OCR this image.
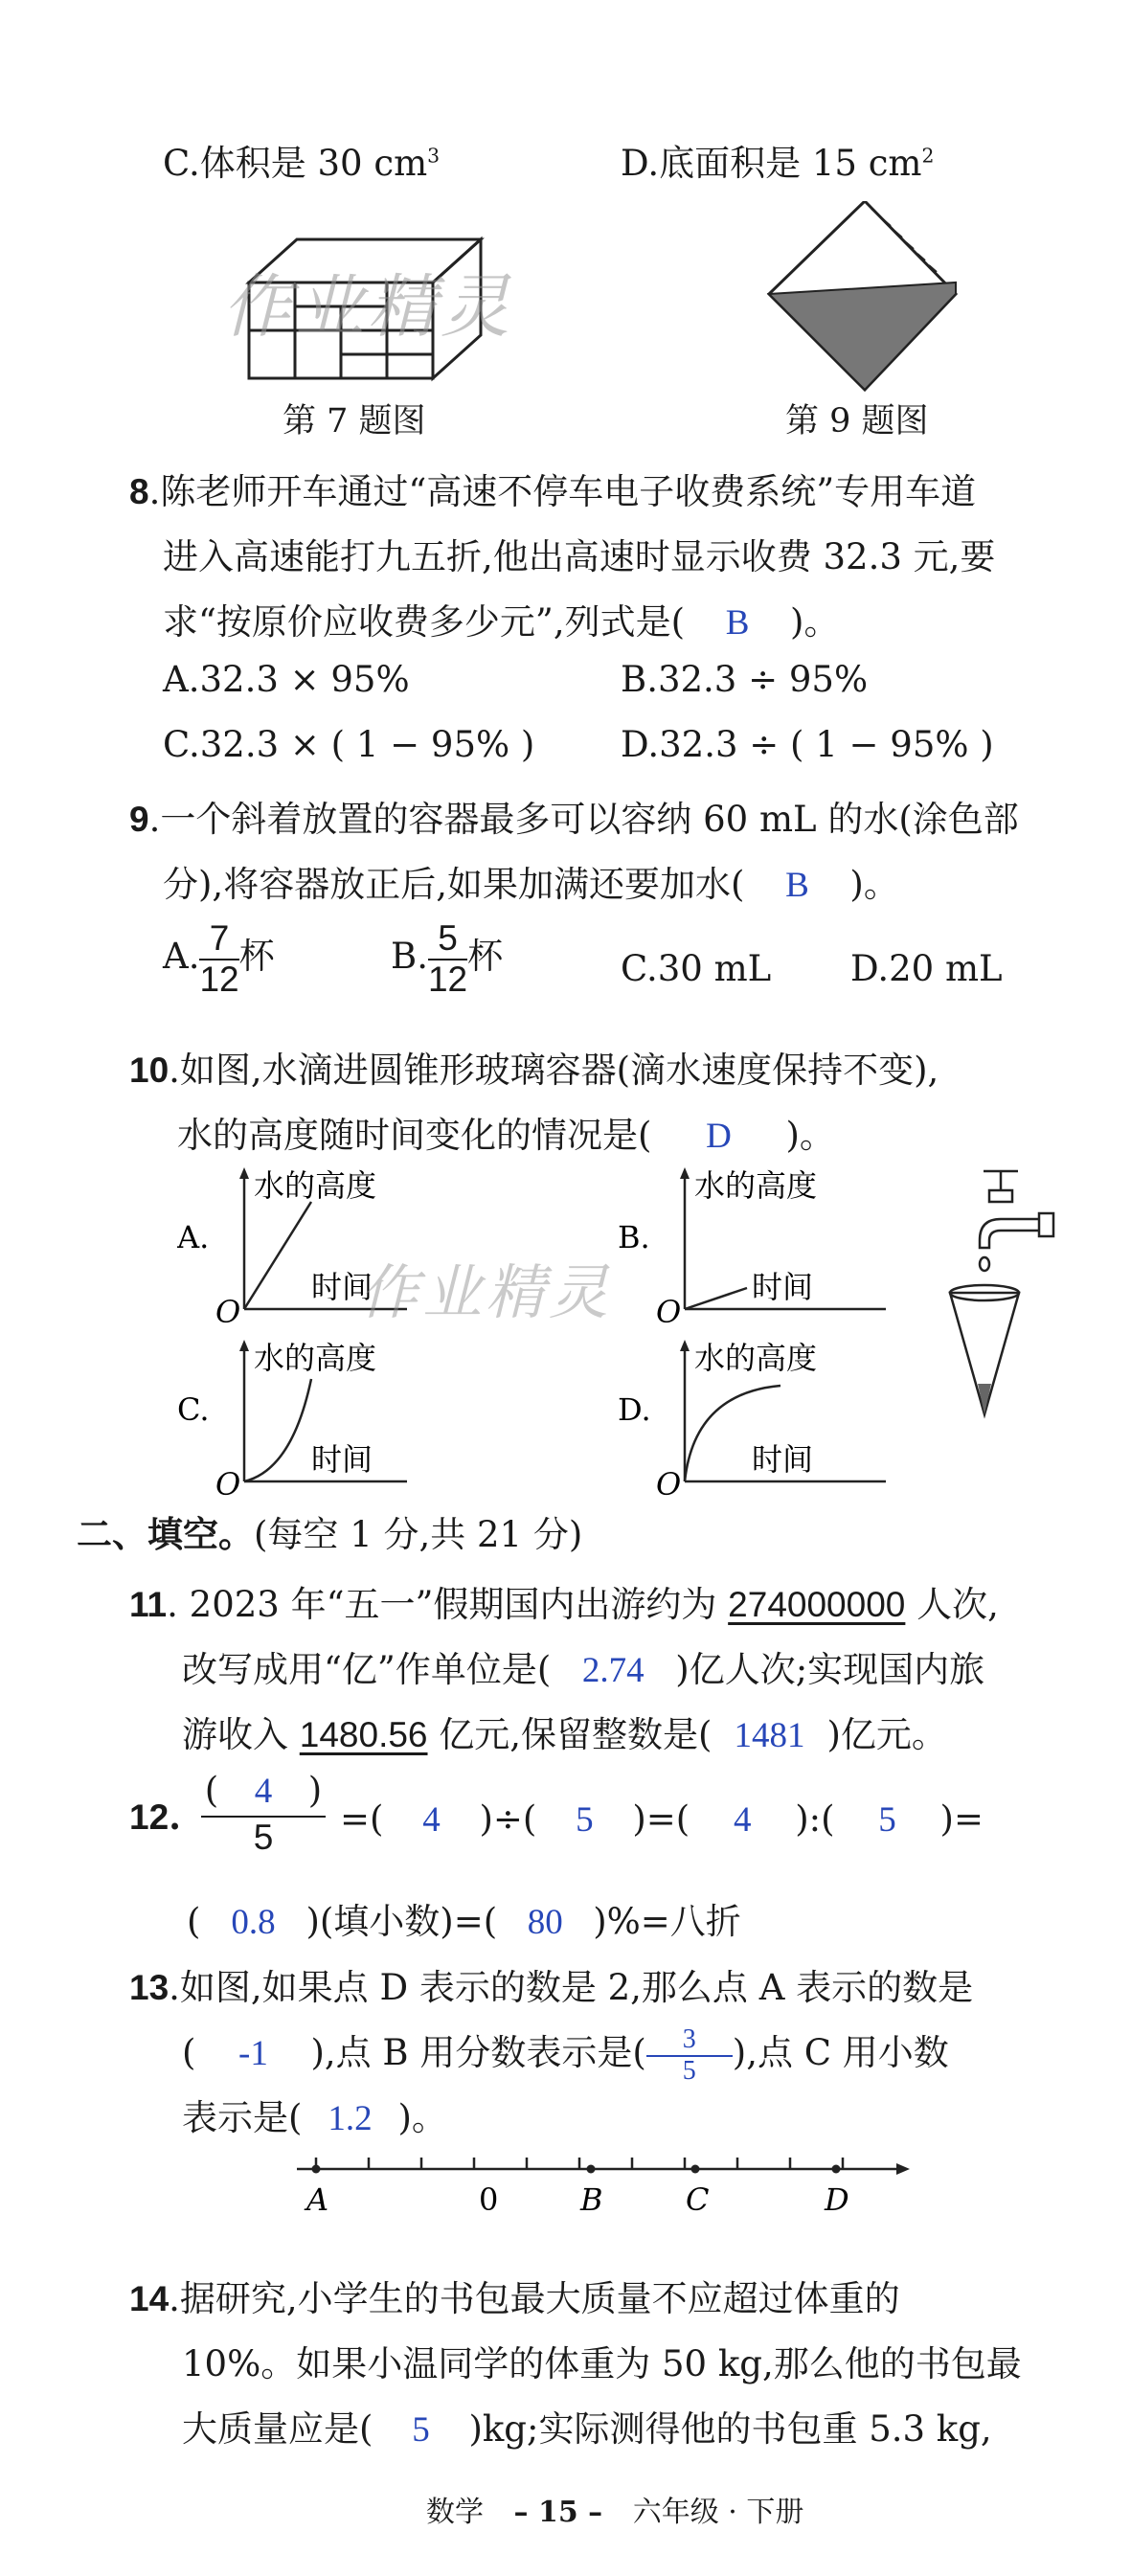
C.体积是 30 $cm^3$	D.底面积是 15 $cm^2$
作业精灵
第 7 题图	第 9 题图
8.陈老师开车通过“高速不停车电子收费系统”专用车道
进入高速能打九五折,他出高速时显示收费 32.3 元,要
求“按原价应收费多少元”,列式是( B )。
A.32.3 × 95%	B.32.3 ÷ 95%
C.32.3 × ( 1 − 95% ) D.32.3 ÷ ( 1 − 95% )
9.一个斜着放置的容器最多可以容纳 60 mL 的水(涂色部
分),将容器放正后,如果加满还要加水( B )。
A. $\frac{7}{12}$ 杯	B. $\frac{5}{12}$ 杯	C.30 mL D.20 mL
10.如图,水滴进圆锥形玻璃容器(滴水速度保持不变),
水的高度随时间变化的情况是( D )。
A.
水的高度
时间
O
B.
水的高度
时间
O
C.
水的高度
时间
O
D.
水的高度
时间
O
作业精灵
二、填空。(每空 1 分,共 21 分)
11. 2023 年“五一”假期国内出游约为 274000000 人次,
改写成用“亿”作单位是( 2.74 )亿人次;实现国内旅
游收入 1480.56 亿元,保留整数是( 1481 )亿元。
12. $\frac{( 4 )}{5}$ =( 4 )÷( 5 )=( 4 ):( 5 )=
( 0.8 )(填小数)=( 80 )%=八折
13.如图,如果点 D 表示的数是 2,那么点 A 表示的数是
( -1 ),点 B 用分数表示是( $\frac{3}{5}$ ),点 C 用小数
表示是( 1.2 )。
A	0	B	C	D
14.据研究,小学生的书包最大质量不应超过体重的
10%。如果小温同学的体重为 50 kg,那么他的书包最
大质量应是( 5 )kg;实际测得他的书包重 5.3 kg,
数学 – 15 – 六年级 · 下册
